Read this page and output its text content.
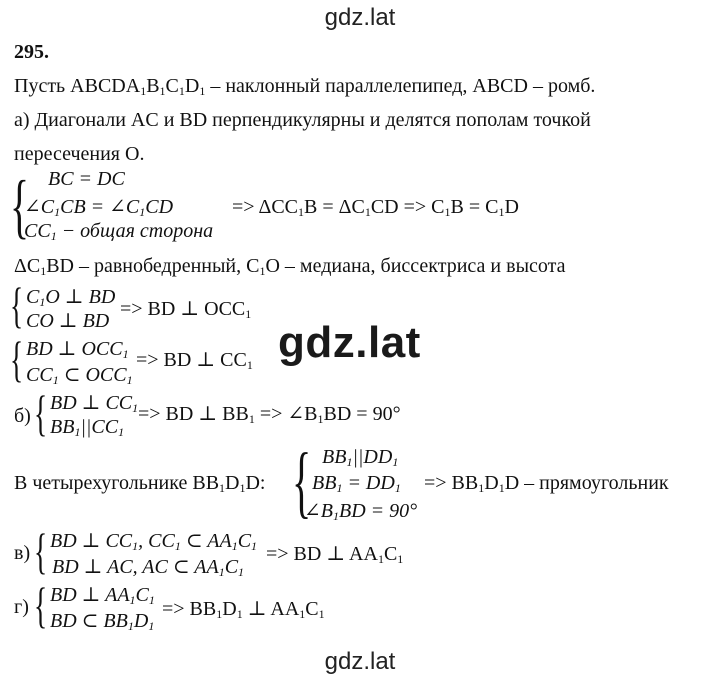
gdz.lat
295.
Пусть $ABCDA_1B_1C_1D_1$ – наклонный параллелепипед, ABCD – ромб.
а) Диагонали AC и BD перпендикулярны и делятся пополам точкой
пересечения O.
{ BC = DC
$\angle C_1CB$ = $\angle C_1CD$
$CC_1$ − общая сторона
=> $\Delta CC_1B = \Delta C_1CD => C_1B = C_1D$
$\Delta C_1BD$ – равнобедренный, $C_1O$ – медиана, биссектриса и высота
{ $C_1O$ ⊥ BD
CO ⊥ BD
=> BD ⊥ $OCC_1$
{ BD ⊥ $OCC_1$
$CC_1$ ⊂ $OCC_1$
=> BD ⊥ $CC_1$ gdz.lat
б) { BD ⊥ $CC_1$
$BB_1||CC_1$
=> BD ⊥ $BB_1$ => $\angle B_1BD = 90^\circ$
В четырехугольнике $BB_1D_1D$: { $BB_1||DD_1$
$BB_1 = DD_1$
$\angle B_1BD = 90^\circ$
=> $BB_1D_1D$ – прямоугольник
в) { BD ⊥ $CC_1$, $CC_1$ ⊂ $AA_1C_1$
BD ⊥ AC, AC ⊂ $AA_1C_1$
=> BD ⊥ $AA_1C_1$
г) { BD ⊥ $AA_1C_1$
BD ⊂ $BB_1D_1$
=> $BB_1D_1$ ⊥ $AA_1C_1$
gdz.lat
